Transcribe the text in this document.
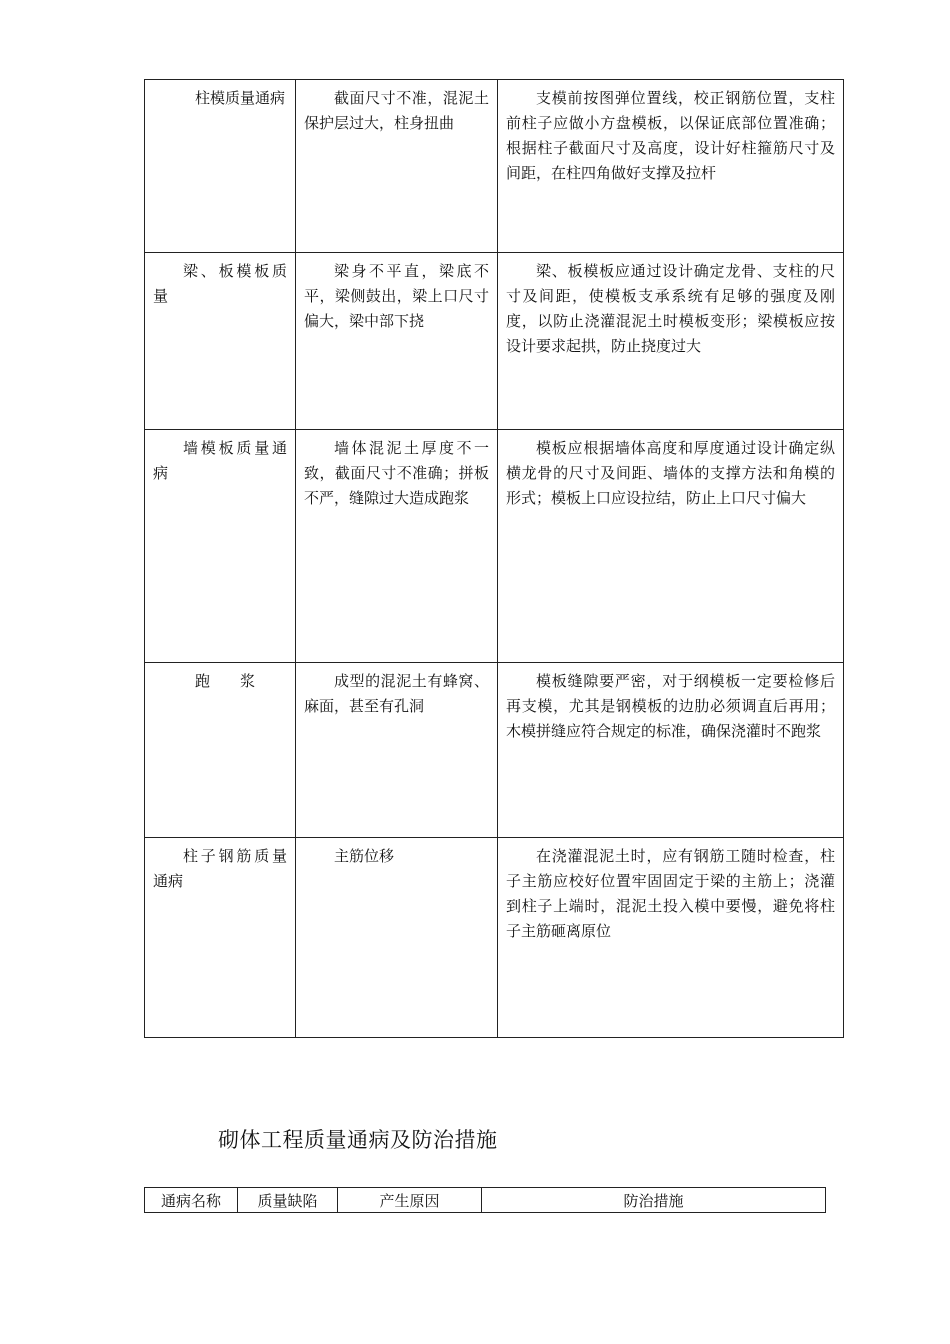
柱模质量通病	截面尺寸不准，混泥土保护层过大，柱身扭曲	支模前按图弹位置线，校正钢筋位置，支柱前柱子应做小方盘模板，以保证底部位置准确；根据柱子截面尺寸及高度，设计好柱箍筋尺寸及间距，在柱四角做好支撑及拉杆
梁、板模板质量	梁身不平直，梁底不平，梁侧鼓出，梁上口尺寸偏大，梁中部下挠	梁、板模板应通过设计确定龙骨、支柱的尺寸及间距，使模板支承系统有足够的强度及刚度，以防止浇灌混泥土时模板变形；梁模板应按设计要求起拱，防止挠度过大
墙模板质量通病	墙体混泥土厚度不一致，截面尺寸不准确；拼板不严，缝隙过大造成跑浆	模板应根据墙体高度和厚度通过设计确定纵横龙骨的尺寸及间距、墙体的支撑方法和角模的形式；模板上口应设拉结，防止上口尺寸偏大
跑　　浆	成型的混泥土有蜂窝、麻面，甚至有孔洞	模板缝隙要严密，对于纲模板一定要检修后再支模，尤其是钢模板的边肋必须调直后再用；木模拼缝应符合规定的标准，确保浇灌时不跑浆
柱子钢筋质量通病	主筋位移	在浇灌混泥土时，应有钢筋工随时检查，柱子主筋应校好位置牢固固定于梁的主筋上；浇灌到柱子上端时，混泥土投入模中要慢，避免将柱子主筋砸离原位
砌体工程质量通病及防治措施
通病名称	质量缺陷	产生原因	防治措施
